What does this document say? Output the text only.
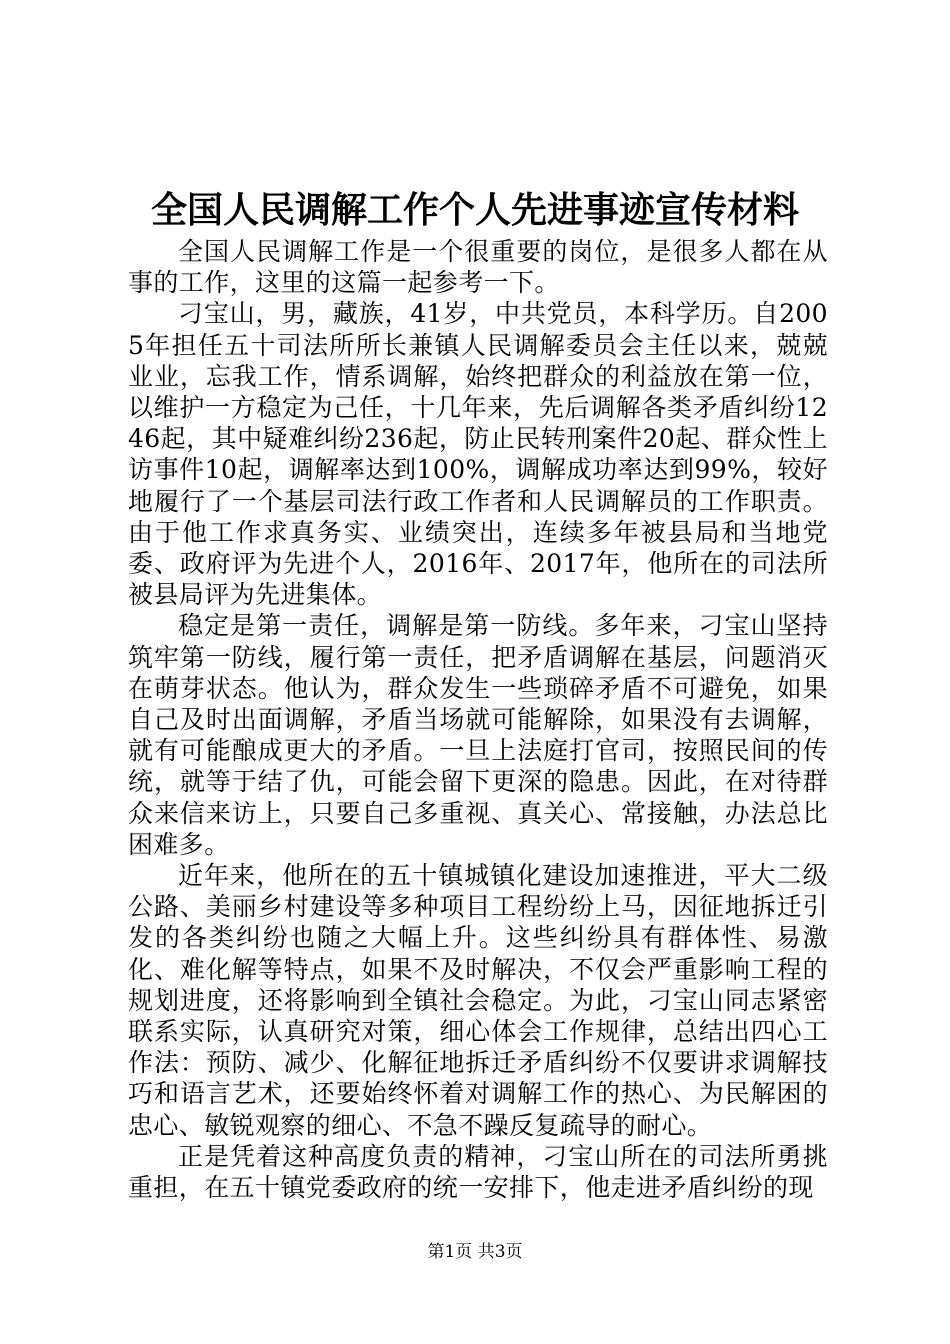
全国人民调解工作个人先进事迹宣传材料

全国人民调解工作是一个很重要的岗位，是很多人都在从事的工作，这里的这篇一起参考一下。

刁宝山，男，藏族，41岁，中共党员，本科学历。自2005年担任五十司法所所长兼镇人民调解委员会主任以来，兢兢业业，忘我工作，情系调解，始终把群众的利益放在第一位，以维护一方稳定为己任，十几年来，先后调解各类矛盾纠纷1246起，其中疑难纠纷236起，防止民转刑案件20起、群众性上访事件10起，调解率达到100%，调解成功率达到99%，较好地履行了一个基层司法行政工作者和人民调解员的工作职责。由于他工作求真务实、业绩突出，连续多年被县局和当地党委、政府评为先进个人，2016年、2017年，他所在的司法所被县局评为先进集体。

稳定是第一责任，调解是第一防线。多年来，刁宝山坚持筑牢第一防线，履行第一责任，把矛盾调解在基层，问题消灭在萌芽状态。他认为，群众发生一些琐碎矛盾不可避免，如果自己及时出面调解，矛盾当场就可能解除，如果没有去调解，就有可能酿成更大的矛盾。一旦上法庭打官司，按照民间的传统，就等于结了仇，可能会留下更深的隐患。因此，在对待群众来信来访上，只要自己多重视、真关心、常接触，办法总比困难多。

近年来，他所在的五十镇城镇化建设加速推进，平大二级公路、美丽乡村建设等多种项目工程纷纷上马，因征地拆迁引发的各类纠纷也随之大幅上升。这些纠纷具有群体性、易激化、难化解等特点，如果不及时解决，不仅会严重影响工程的规划进度，还将影响到全镇社会稳定。为此，刁宝山同志紧密联系实际，认真研究对策，细心体会工作规律，总结出四心工作法：预防、减少、化解征地拆迁矛盾纠纷不仅要讲求调解技巧和语言艺术，还要始终怀着对调解工作的热心、为民解困的忠心、敏锐观察的细心、不急不躁反复疏导的耐心。

正是凭着这种高度负责的精神，刁宝山所在的司法所勇挑重担，在五十镇党委政府的统一安排下，他走进矛盾纠纷的现

第1页 共3页
